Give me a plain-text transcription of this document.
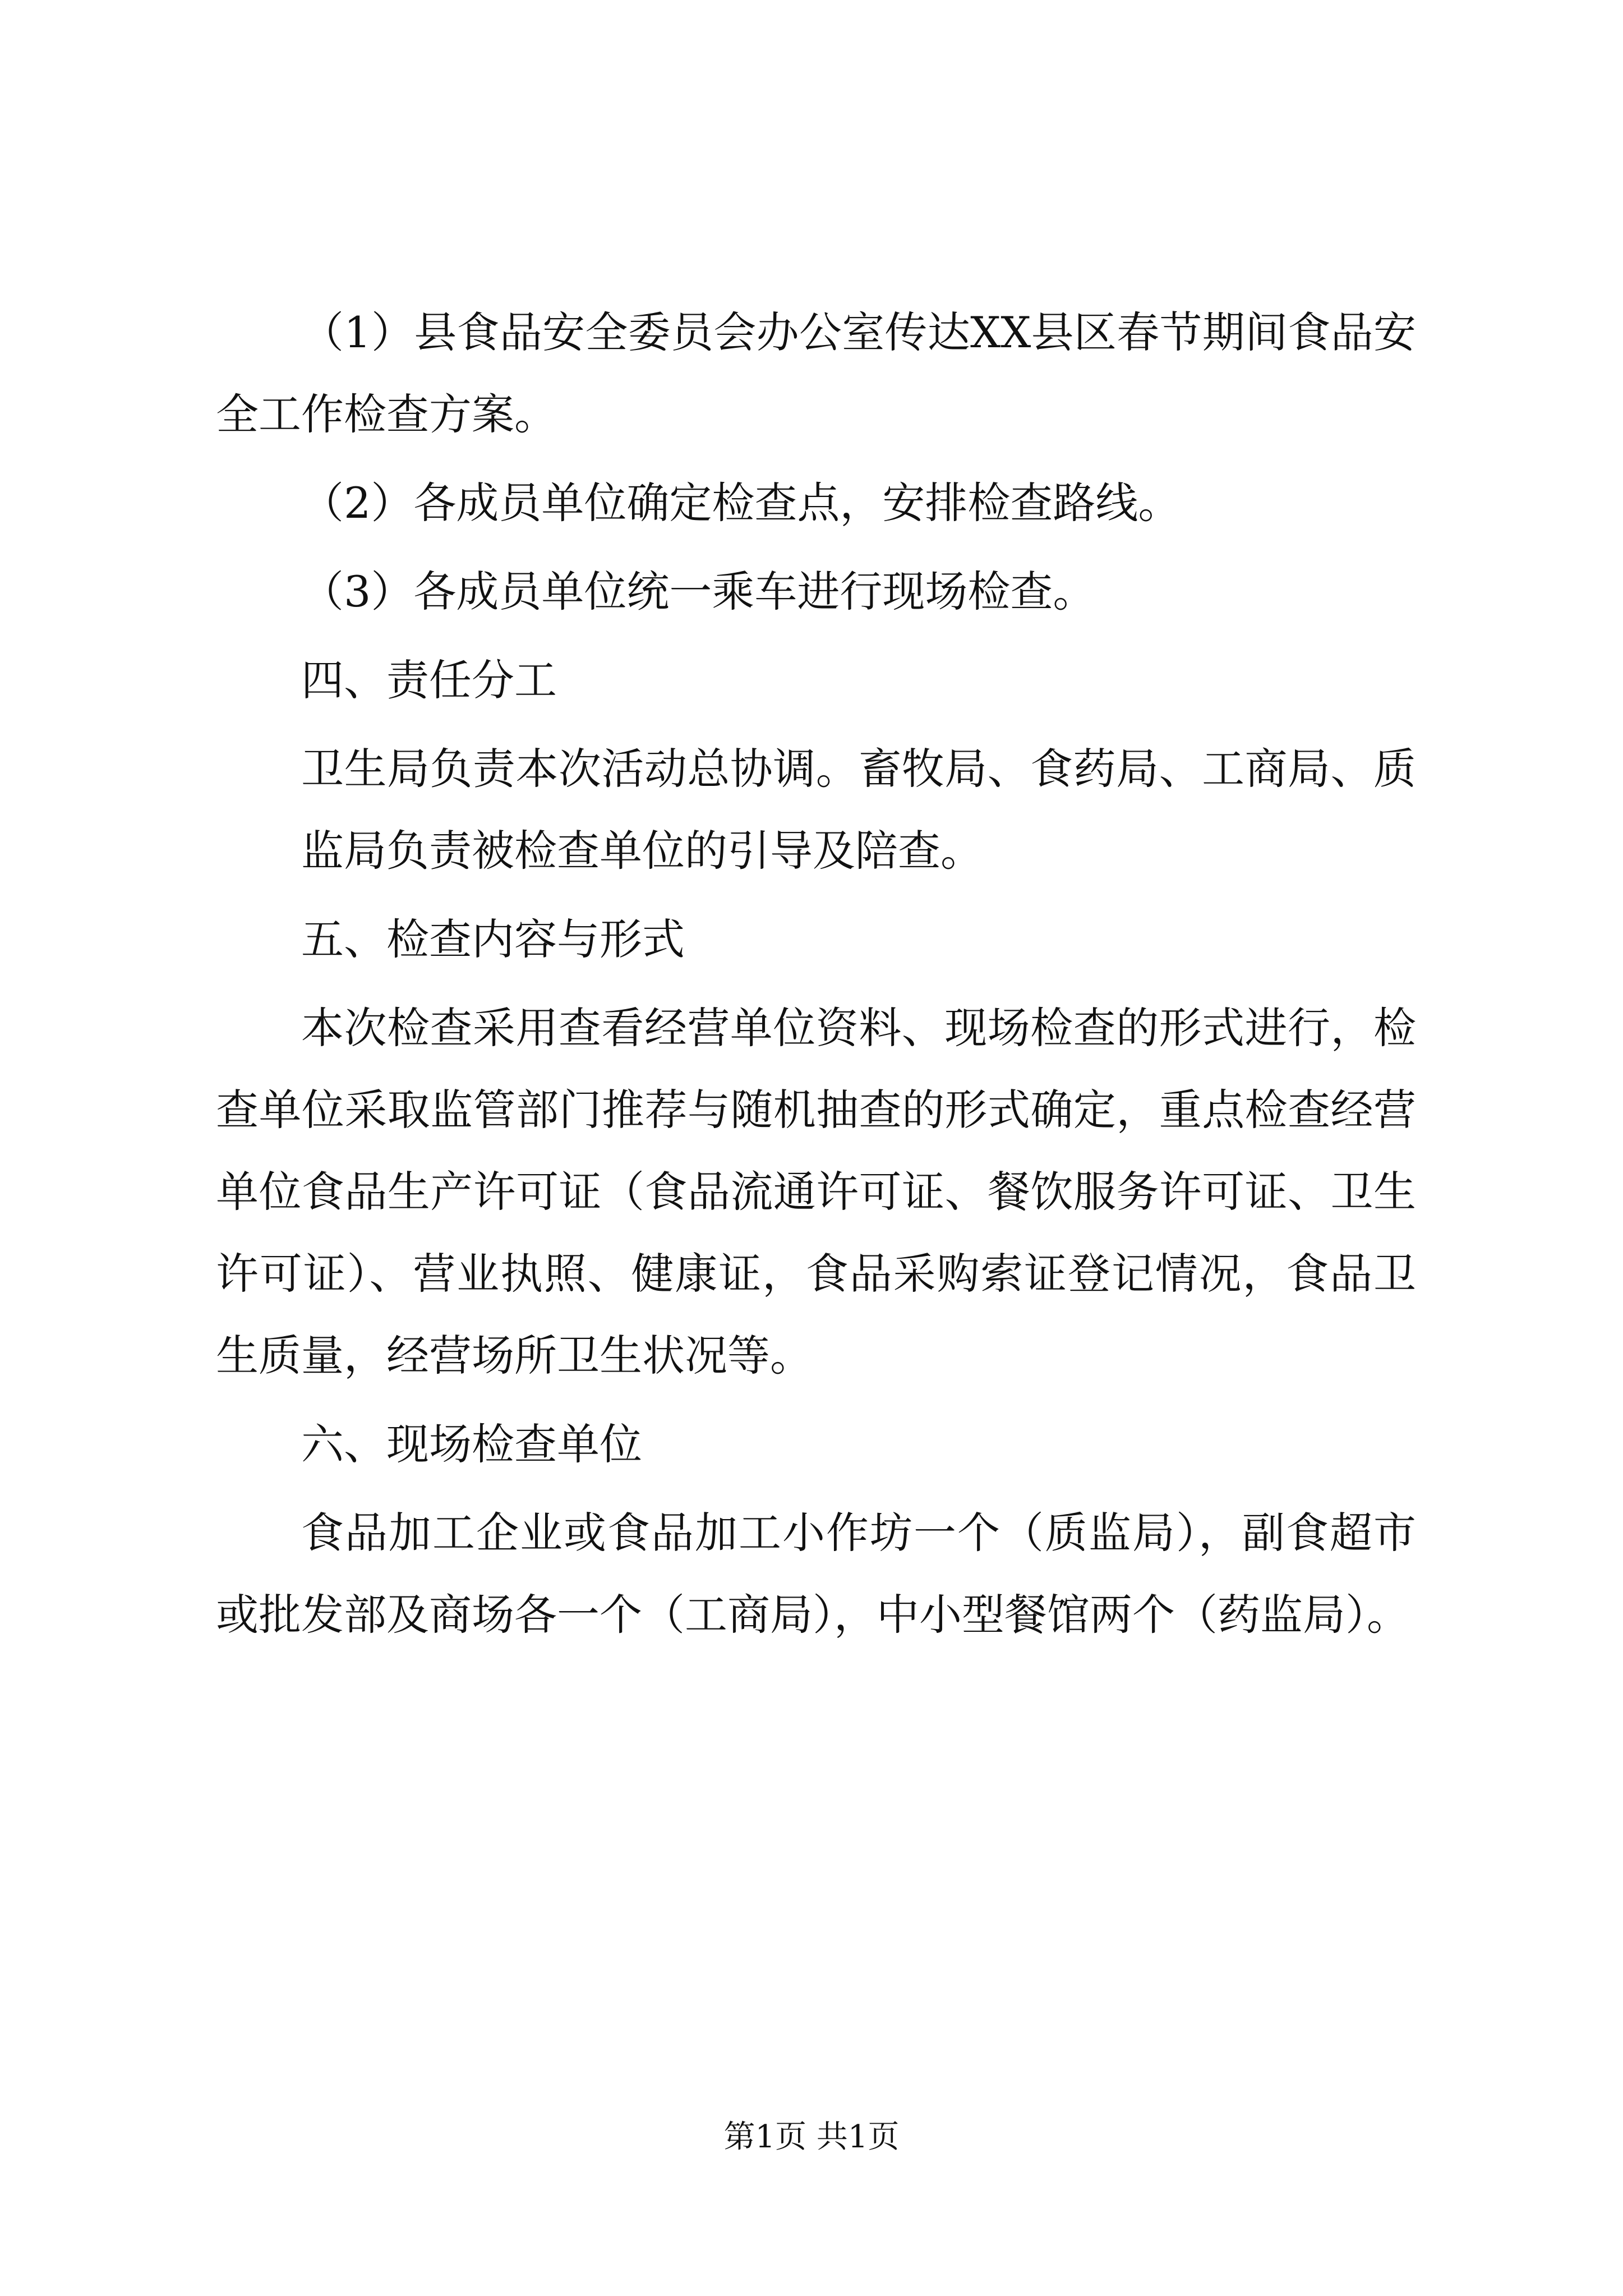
（1）县食品安全委员会办公室传达XX县区春节期间食品安全工作检查方案。

（2）各成员单位确定检查点，安排检查路线。

（3）各成员单位统一乘车进行现场检查。

四、责任分工

卫生局负责本次活动总协调。畜牧局、食药局、工商局、质监局负责被检查单位的引导及陪查。

五、检查内容与形式

本次检查采用查看经营单位资料、现场检查的形式进行，检查单位采取监管部门推荐与随机抽查的形式确定，重点检查经营单位食品生产许可证（食品流通许可证、餐饮服务许可证、卫生许可证）、营业执照、健康证，食品采购索证登记情况，食品卫生质量，经营场所卫生状况等。

六、现场检查单位

食品加工企业或食品加工小作坊一个（质监局），副食超市或批发部及商场各一个（工商局），中小型餐馆两个（药监局）。

第1页 共1页
